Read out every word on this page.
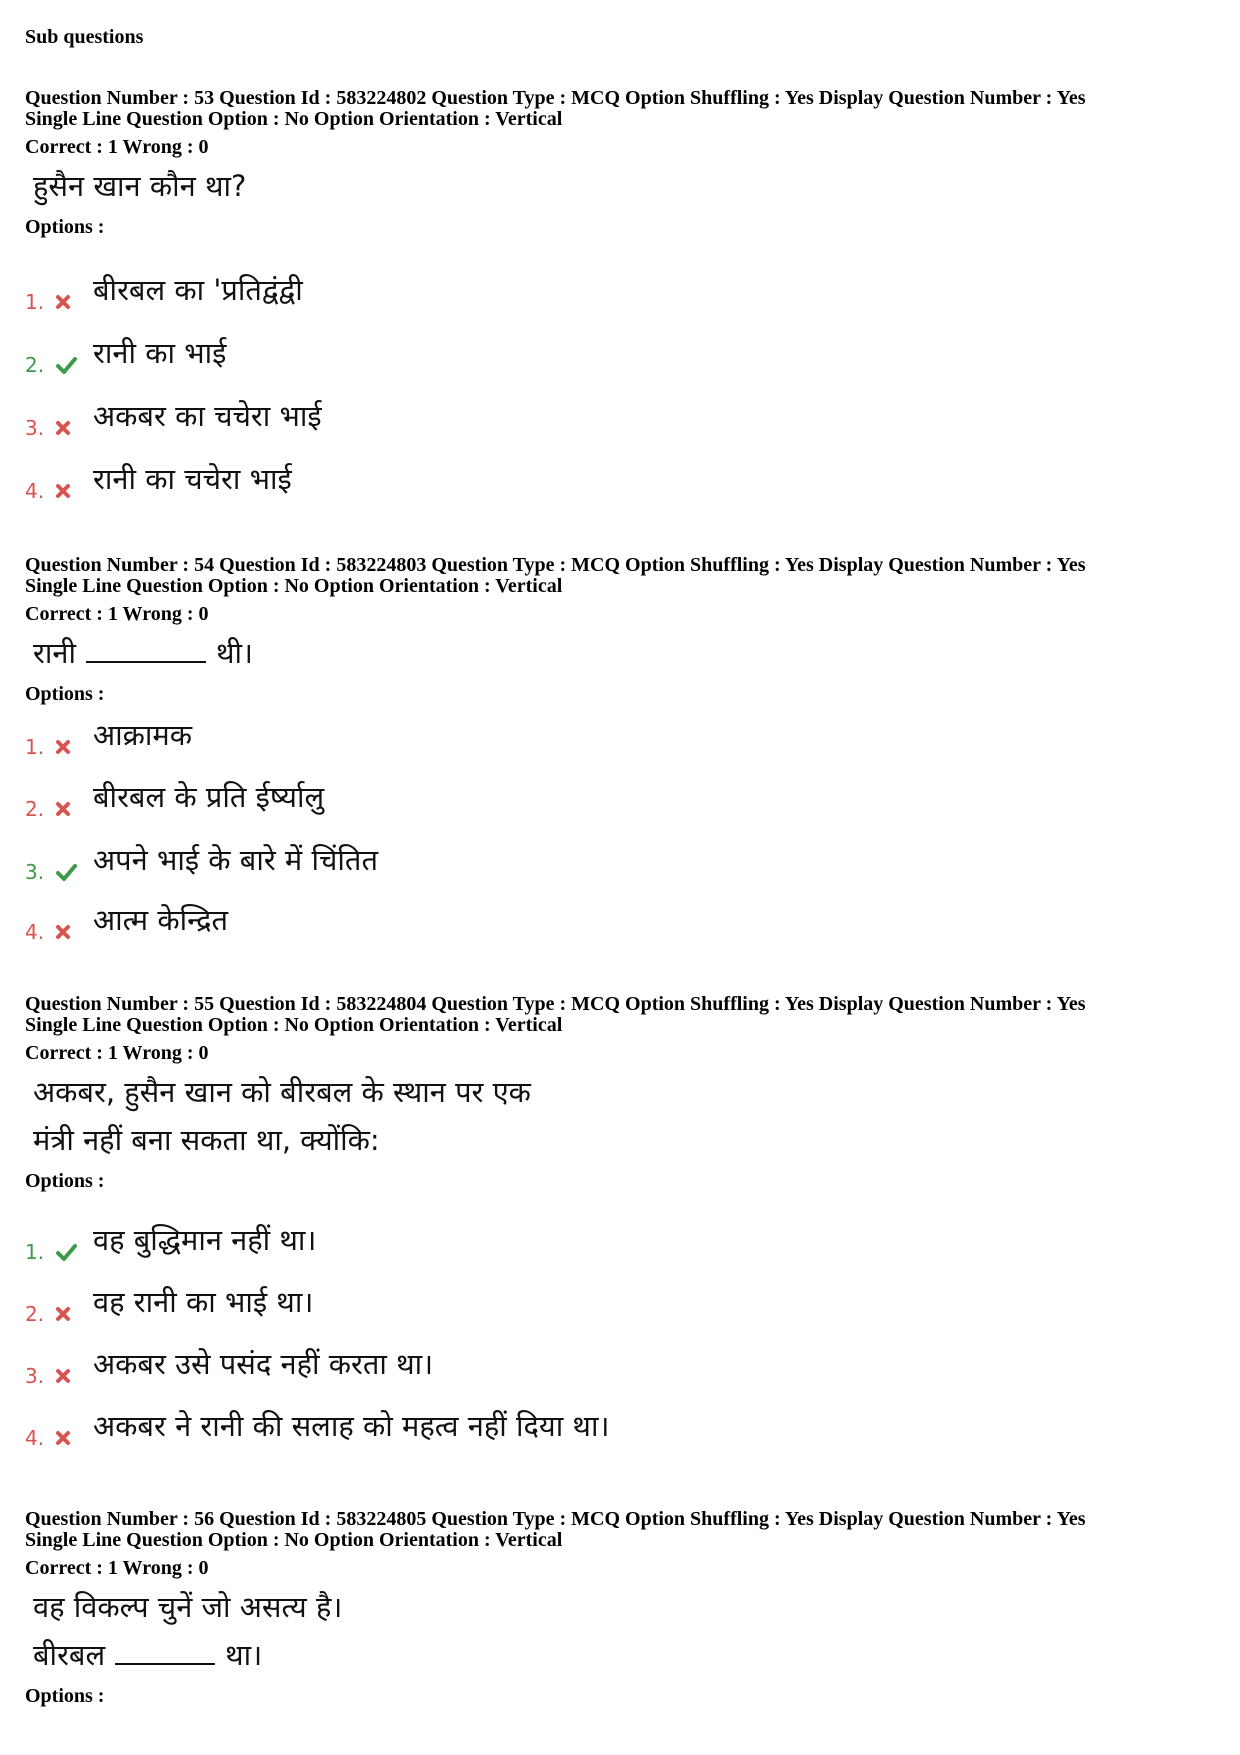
Sub questions
Question Number : 53 Question Id : 583224802 Question Type : MCQ Option Shuffling : Yes Display Question Number : Yes
Single Line Question Option : No Option Orientation : Vertical
Correct : 1 Wrong : 0
हुसैन खान कौन था?
Options :
1. बीरबल का 'प्रतिद्वंद्वी
2. रानी का भाई
3. अकबर का चचेरा भाई
4. रानी का चचेरा भाई
Question Number : 54 Question Id : 583224803 Question Type : MCQ Option Shuffling : Yes Display Question Number : Yes
Single Line Question Option : No Option Orientation : Vertical
Correct : 1 Wrong : 0
रानी	थी।
Options :
1. आक्रामक
2. बीरबल के प्रति ईर्ष्यालु
3. अपने भाई के बारे में चिंतित
4. आत्म केन्द्रित
Question Number : 55 Question Id : 583224804 Question Type : MCQ Option Shuffling : Yes Display Question Number : Yes
Single Line Question Option : No Option Orientation : Vertical
Correct : 1 Wrong : 0
अकबर, हुसैन खान को बीरबल के स्थान पर एक
मंत्री नहीं बना सकता था, क्योंकि:
Options :
1. वह बुद्धिमान नहीं था।
2. वह रानी का भाई था।
3. अकबर उसे पसंद नहीं करता था।
4. अकबर ने रानी की सलाह को महत्व नहीं दिया था।
Question Number : 56 Question Id : 583224805 Question Type : MCQ Option Shuffling : Yes Display Question Number : Yes
Single Line Question Option : No Option Orientation : Vertical
Correct : 1 Wrong : 0
वह विकल्प चुनें जो असत्य है।
बीरबल	था।
Options :
